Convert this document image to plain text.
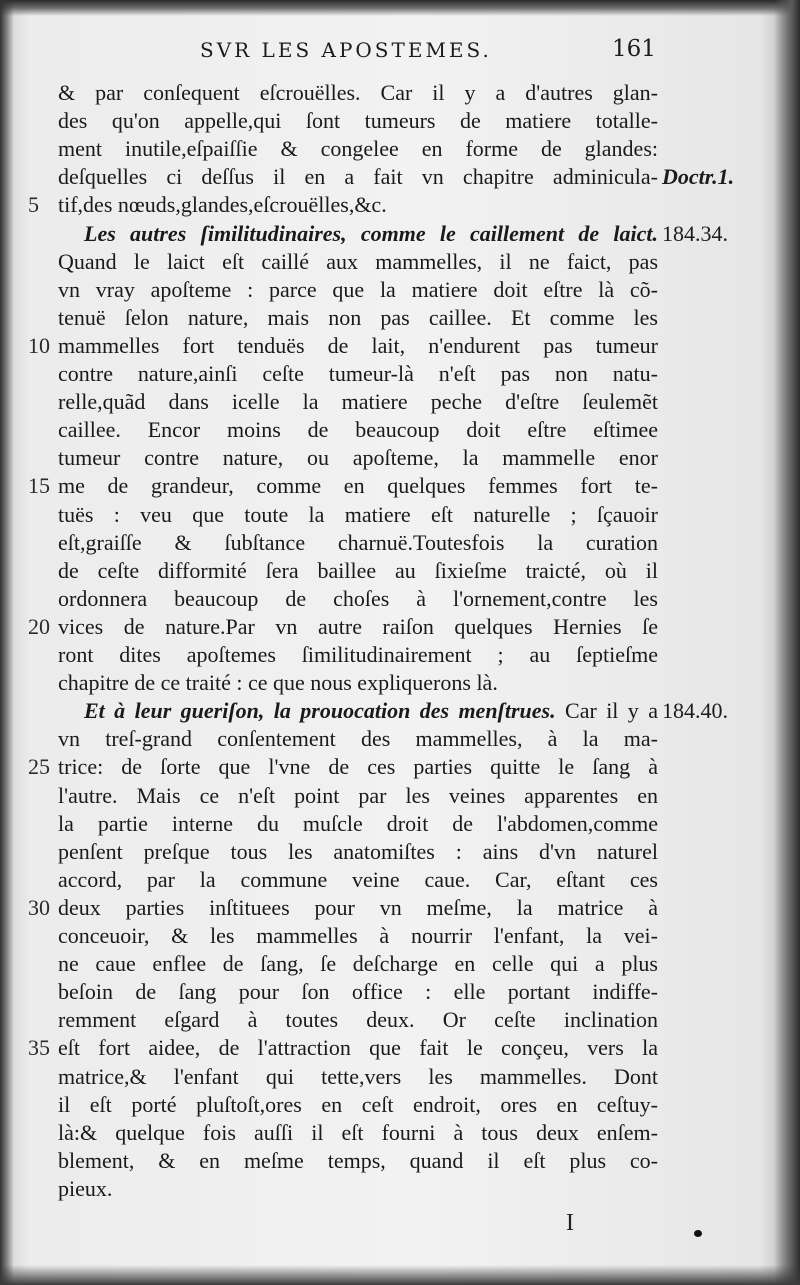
SVR LES APOSTEMES.	161
& par conſequent eſcrouëlles. Car il y a d'autres glan-
des qu'on appelle,qui ſont tumeurs de matiere totalle-
ment inutile,eſpaiſſie & congelee en forme de glandes:
deſquelles ci deſſus il en a fait vn chapitre adminicula-
tif,des nœuds,glandes,eſcrouëlles,&c.
Les autres ſimilitudinaires, comme le caillement de laict.
Quand le laict eſt caillé aux mammelles, il ne faict, pas
vn vray apoſteme : parce que la matiere doit eſtre là cõ-
tenuë ſelon nature, mais non pas caillee. Et comme les
mammelles fort tenduës de lait, n'endurent pas tumeur
contre nature,ainſi ceſte tumeur-là n'eſt pas non natu-
relle,quãd dans icelle la matiere peche d'eſtre ſeulemẽt
caillee. Encor moins de beaucoup doit eſtre eſtimee
tumeur contre nature, ou apoſteme, la mammelle enor
me de grandeur, comme en quelques femmes fort te-
tuës : veu que toute la matiere eſt naturelle ; ſçauoir
eſt,graiſſe & ſubſtance charnuë.Toutesfois la curation
de ceſte difformité ſera baillee au ſixieſme traicté, où il
ordonnera beaucoup de choſes à l'ornement,contre les
vices de nature.Par vn autre raiſon quelques Hernies ſe
ront dites apoſtemes ſimilitudinairement ; au ſeptieſme
chapitre de ce traité : ce que nous expliquerons là.
Et à leur gueriſon, la prouocation des menſtrues. Car il y a
vn treſ-grand conſentement des mammelles, à la ma-
trice: de ſorte que l'vne de ces parties quitte le ſang à
l'autre. Mais ce n'eſt point par les veines apparentes en
la partie interne du muſcle droit de l'abdomen,comme
penſent preſque tous les anatomiſtes : ains d'vn naturel
accord, par la commune veine caue. Car, eſtant ces
deux parties inſtituees pour vn meſme, la matrice à
conceuoir, & les mammelles à nourrir l'enfant, la vei-
ne caue enflee de ſang, ſe deſcharge en celle qui a plus
beſoin de ſang pour ſon office : elle portant indiffe-
remment eſgard à toutes deux. Or ceſte inclination
eſt fort aidee, de l'attraction que fait le conçeu, vers la
matrice,& l'enfant qui tette,vers les mammelles. Dont
il eſt porté pluſtoſt,ores en ceſt endroit, ores en ceſtuy-
là:& quelque fois auſſi il eſt fourni à tous deux enſem-
blement, & en meſme temps, quand il eſt plus co-
pieux.
5
10
15
20
25
30
35
Doctr.1.
184.34.
184.40.
I
